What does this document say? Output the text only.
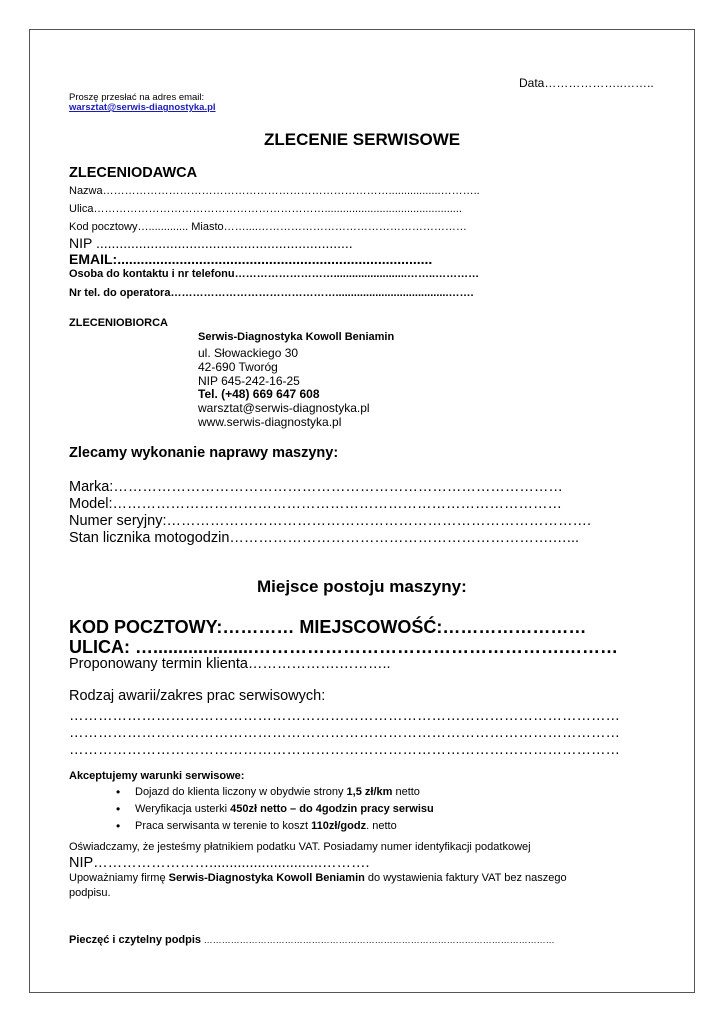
Data………………..……..
Proszę przesłać na adres email:
warsztat@serwis-diagnostyka.pl
ZLECENIE SERWISOWE
ZLECENIODAWCA
Nazwa…………………………………………………………………….................………..
Ulica……………………………………………………….............................................
Kod pocztowy…............. Miasto……....…………………………………………………
NIP ..................................................................
EMAIL:.................................................................................
Osoba do kontaktu i nr telefonu………………………........................……..…………
Nr tel. do operatora……………………………………….....................................…….
ZLECENIOBIORCA
Serwis-Diagnostyka Kowoll Beniamin
ul. Słowackiego 30
42-690 Tworóg
NIP 645-242-16-25
Tel. (+48) 669 647 608
warsztat@serwis-diagnostyka.pl
www.serwis-diagnostyka.pl
Zlecamy wykonanie naprawy maszyny:
Marka:…………………………………………………………………………………
Model:…………………………………………………………………………………
Numer seryjny:…………………………………………………………………………….
Stan licznika motogodzin………………………………………………………….…...
Miejsce postoju maszyny:
KOD POCZTOWY:………… MIEJSCOWOŚĆ:……………………
ULICA: …....................…………………………………………….………
Proponowany termin klienta……………….………..
Rodzaj awarii/zakres prac serwisowych:
……………………………………………………………………………………………………
……………………………………………………………………………………………………
……………………………………………………………………………………………………
Akceptujemy warunki serwisowe:
• Dojazd do klienta liczony w obydwie strony 1,5 zł/km netto
• Weryfikacja usterki 450zł netto – do 4godzin pracy serwisu
• Praca serwisanta w terenie to koszt 110zł/godz. netto
Oświadczamy, że jesteśmy płatnikiem podatku VAT. Posiadamy numer identyfikacji podatkowej
NIP……………………............................……….
Upoważniamy firmę Serwis-Diagnostyka Kowoll Beniamin do wystawienia faktury VAT bez naszego
podpisu.
Pieczęć i czytelny podpis ………………………………………………………………………………………………………
